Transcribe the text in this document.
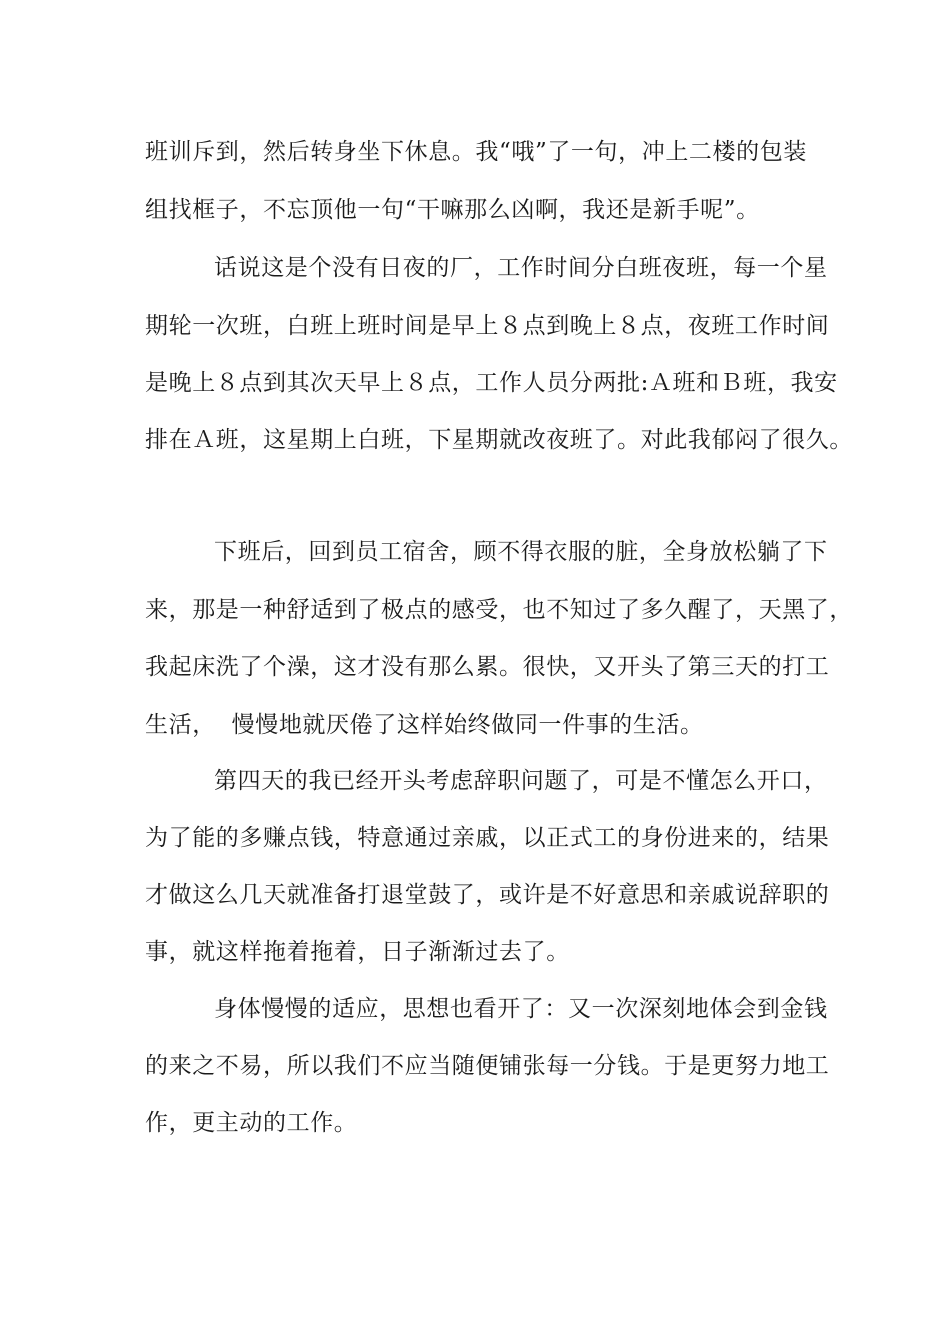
班训斥到，然后转身坐下休息。我“哦”了一句，冲上二楼的包装
组找框子，不忘顶他一句“干嘛那么凶啊，我还是新手呢”。
话说这是个没有日夜的厂，工作时间分白班夜班，每一个星
期轮一次班，白班上班时间是早上８点到晚上８点，夜班工作时间
是晚上８点到其次天早上８点，工作人员分两批:Ａ班和Ｂ班，我安
排在Ａ班，这星期上白班，下星期就改夜班了。对此我郁闷了很久。
下班后，回到员工宿舍，顾不得衣服的脏，全身放松躺了下
来，那是一种舒适到了极点的感受，也不知过了多久醒了，天黑了，
我起床洗了个澡，这才没有那么累。很快，又开头了第三天的打工
生活，  慢慢地就厌倦了这样始终做同一件事的生活。
第四天的我已经开头考虑辞职问题了，可是不懂怎么开口，
为了能的多赚点钱，特意通过亲戚，以正式工的身份进来的，结果
才做这么几天就准备打退堂鼓了，或许是不好意思和亲戚说辞职的
事，就这样拖着拖着，日子渐渐过去了。
身体慢慢的适应，思想也看开了：又一次深刻地体会到金钱
的来之不易，所以我们不应当随便铺张每一分钱。于是更努力地工
作，更主动的工作。
